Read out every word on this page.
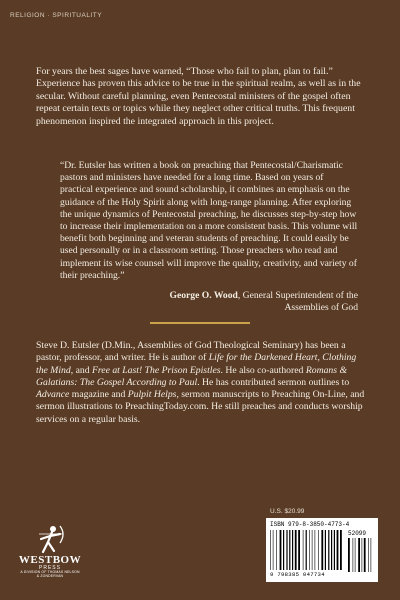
RELIGION · SPIRITUALITY

For years the best sages have warned, “Those who fail to plan, plan to fail.” Experience has proven this advice to be true in the spiritual realm, as well as in the secular. Without careful planning, even Pentecostal ministers of the gospel often repeat certain texts or topics while they neglect other critical truths. This frequent phenomenon inspired the integrated approach in this project.

“Dr. Eutsler has written a book on preaching that Pentecostal/Charismatic pastors and ministers have needed for a long time. Based on years of practical experience and sound scholarship, it combines an emphasis on the guidance of the Holy Spirit along with long-range planning. After exploring the unique dynamics of Pentecostal preaching, he discusses step-by-step how to increase their implementation on a more consistent basis. This volume will benefit both beginning and veteran students of preaching. It could easily be used personally or in a classroom setting. Those preachers who read and implement its wise counsel will improve the quality, creativity, and variety of their preaching.”

George O. Wood, General Superintendent of the
Assemblies of God

Steve D. Eutsler (D.Min., Assemblies of God Theological Seminary) has been a pastor, professor, and writer. He is author of Life for the Darkened Heart, Clothing the Mind, and Free at Last! The Prison Epistles. He also co-authored Romans & Galatians: The Gospel According to Paul. He has contributed sermon outlines to Advance magazine and Pulpit Helps, sermon manuscripts to Preaching On-Line, and sermon illustrations to PreachingToday.com. He still preaches and conducts worship services on a regular basis.

WESTBOW
PRESS
A DIVISION OF THOMAS NELSON
& ZONDERVAN
U.S. $20.99
ISBN 979-8-3850-4773-4
9 798385 047734
52099
